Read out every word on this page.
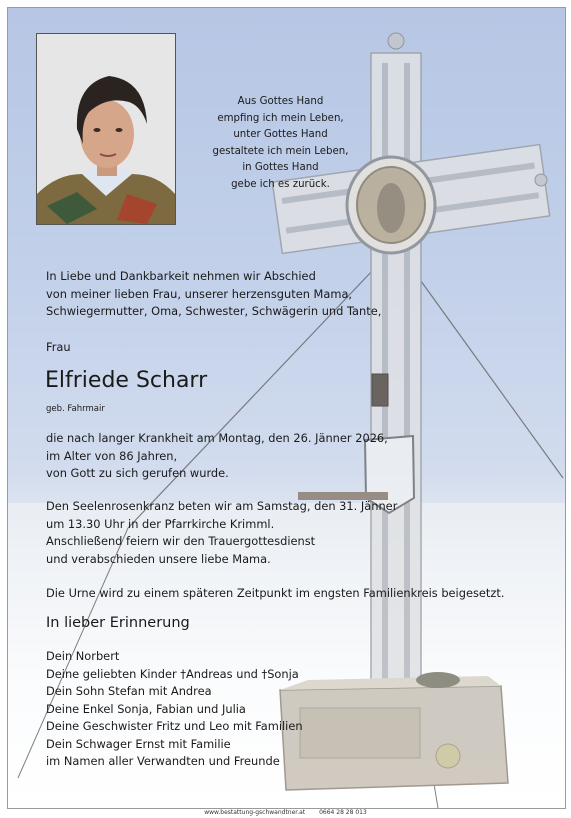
Aus Gottes Hand
empfing ich mein Leben,
unter Gottes Hand
gestaltete ich mein Leben,
in Gottes Hand
gebe ich es zurück.
In Liebe und Dankbarkeit nehmen wir Abschied
von meiner lieben Frau, unserer herzensguten Mama,
Schwiegermutter, Oma, Schwester, Schwägerin und Tante,
Frau
Elfriede Scharr
geb. Fahrmair
die nach langer Krankheit am Montag, den 26. Jänner 2026,
im Alter von 86 Jahren,
von Gott zu sich gerufen wurde.
Den Seelenrosenkranz beten wir am Samstag, den 31. Jänner
um 13.30 Uhr in der Pfarrkirche Krimml.
Anschließend feiern wir den Trauergottesdienst
und verabschieden unsere liebe Mama.
Die Urne wird zu einem späteren Zeitpunkt im engsten Familienkreis beigesetzt.
In lieber Erinnerung
Dein Norbert
Deine geliebten Kinder †Andreas und †Sonja
Dein Sohn Stefan mit Andrea
Deine Enkel Sonja, Fabian und Julia
Deine Geschwister Fritz und Leo mit Familien
Dein Schwager Ernst mit Familie
im Namen aller Verwandten und Freunde
www.bestattung-gschwandtner.at 0664 28 28 013
